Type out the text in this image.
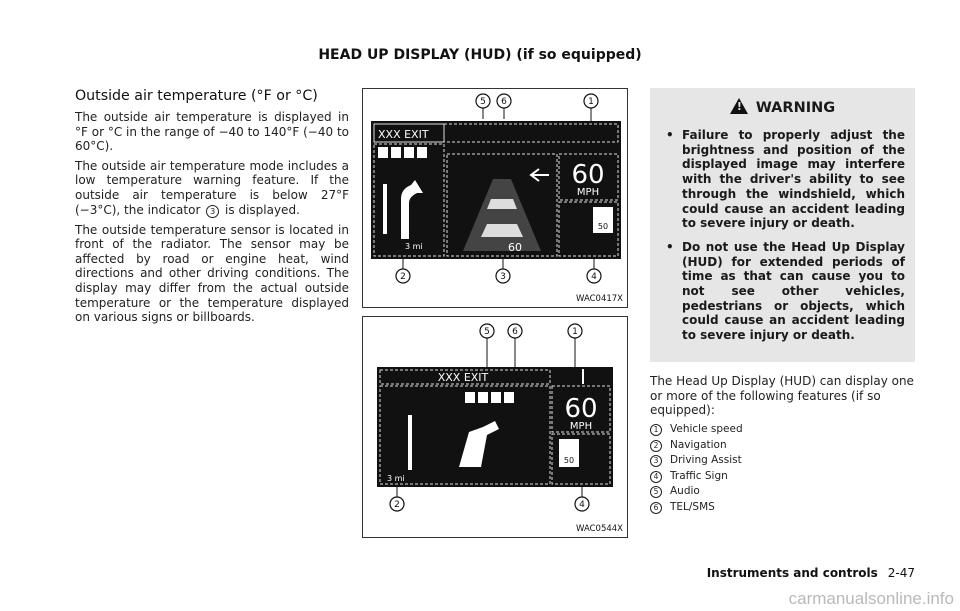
HEAD UP DISPLAY (HUD) (if so equipped)
Outside air temperature (°F or °C)

The outside air temperature is displayed in °F or °C in the range of −40 to 140°F (−40 to 60°C).

The outside air temperature mode includes a low temperature warning feature. If the outside air temperature is below 27°F (−3°C), the indicator 3 is displayed.

The outside temperature sensor is located in front of the radiator. The sensor may be affected by road or engine heat, wind directions and other driving conditions. The display may differ from the actual outside temperature or the temperature displayed on various signs or billboards.

5 6	1
2	3	4
XXX EXIT
3 mi	60
60
MPH
50
WAC0417X
5 6	1
2	4
XXX EXIT
3 mi
60
MPH
50
WAC0544X
! WARNING
• Failure to properly adjust the brightness and position of the displayed image may interfere with the driver's ability to see through the windshield, which could cause an accident leading to severe injury or death.
• Do not use the Head Up Display (HUD) for extended periods of time as that can cause you to not see other vehicles, pedestrians or objects, which could cause an accident leading to severe injury or death.

The Head Up Display (HUD) can display one or more of the following features (if so equipped):

1 Vehicle speed
2 Navigation
3 Driving Assist
4 Traffic Sign
5 Audio
6 TEL/SMS
Instruments and controls 2-47
carmanualsonline.info
